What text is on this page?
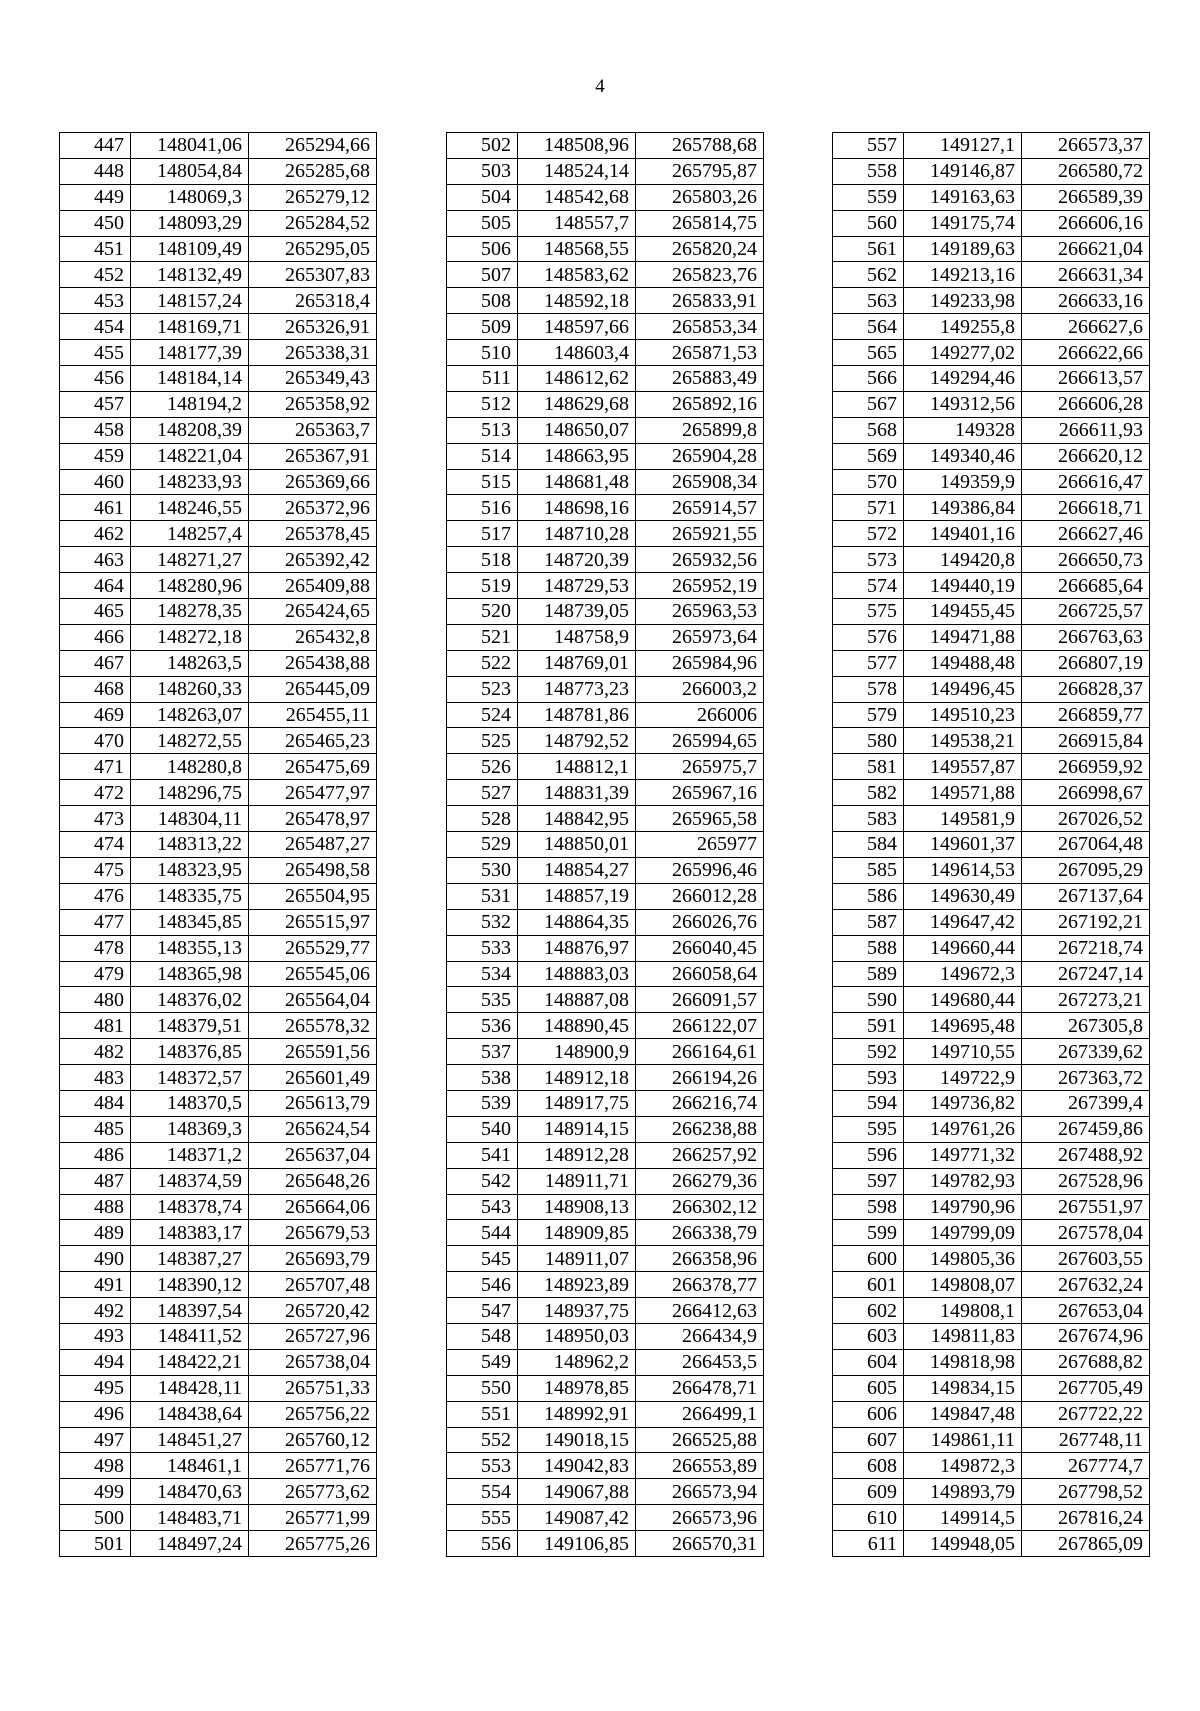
4
447	148041,06	265294,66
448	148054,84	265285,68
449	148069,3	265279,12
450	148093,29	265284,52
451	148109,49	265295,05
452	148132,49	265307,83
453	148157,24	265318,4
454	148169,71	265326,91
455	148177,39	265338,31
456	148184,14	265349,43
457	148194,2	265358,92
458	148208,39	265363,7
459	148221,04	265367,91
460	148233,93	265369,66
461	148246,55	265372,96
462	148257,4	265378,45
463	148271,27	265392,42
464	148280,96	265409,88
465	148278,35	265424,65
466	148272,18	265432,8
467	148263,5	265438,88
468	148260,33	265445,09
469	148263,07	265455,11
470	148272,55	265465,23
471	148280,8	265475,69
472	148296,75	265477,97
473	148304,11	265478,97
474	148313,22	265487,27
475	148323,95	265498,58
476	148335,75	265504,95
477	148345,85	265515,97
478	148355,13	265529,77
479	148365,98	265545,06
480	148376,02	265564,04
481	148379,51	265578,32
482	148376,85	265591,56
483	148372,57	265601,49
484	148370,5	265613,79
485	148369,3	265624,54
486	148371,2	265637,04
487	148374,59	265648,26
488	148378,74	265664,06
489	148383,17	265679,53
490	148387,27	265693,79
491	148390,12	265707,48
492	148397,54	265720,42
493	148411,52	265727,96
494	148422,21	265738,04
495	148428,11	265751,33
496	148438,64	265756,22
497	148451,27	265760,12
498	148461,1	265771,76
499	148470,63	265773,62
500	148483,71	265771,99
501	148497,24	265775,26
502	148508,96	265788,68
503	148524,14	265795,87
504	148542,68	265803,26
505	148557,7	265814,75
506	148568,55	265820,24
507	148583,62	265823,76
508	148592,18	265833,91
509	148597,66	265853,34
510	148603,4	265871,53
511	148612,62	265883,49
512	148629,68	265892,16
513	148650,07	265899,8
514	148663,95	265904,28
515	148681,48	265908,34
516	148698,16	265914,57
517	148710,28	265921,55
518	148720,39	265932,56
519	148729,53	265952,19
520	148739,05	265963,53
521	148758,9	265973,64
522	148769,01	265984,96
523	148773,23	266003,2
524	148781,86	266006
525	148792,52	265994,65
526	148812,1	265975,7
527	148831,39	265967,16
528	148842,95	265965,58
529	148850,01	265977
530	148854,27	265996,46
531	148857,19	266012,28
532	148864,35	266026,76
533	148876,97	266040,45
534	148883,03	266058,64
535	148887,08	266091,57
536	148890,45	266122,07
537	148900,9	266164,61
538	148912,18	266194,26
539	148917,75	266216,74
540	148914,15	266238,88
541	148912,28	266257,92
542	148911,71	266279,36
543	148908,13	266302,12
544	148909,85	266338,79
545	148911,07	266358,96
546	148923,89	266378,77
547	148937,75	266412,63
548	148950,03	266434,9
549	148962,2	266453,5
550	148978,85	266478,71
551	148992,91	266499,1
552	149018,15	266525,88
553	149042,83	266553,89
554	149067,88	266573,94
555	149087,42	266573,96
556	149106,85	266570,31
557	149127,1	266573,37
558	149146,87	266580,72
559	149163,63	266589,39
560	149175,74	266606,16
561	149189,63	266621,04
562	149213,16	266631,34
563	149233,98	266633,16
564	149255,8	266627,6
565	149277,02	266622,66
566	149294,46	266613,57
567	149312,56	266606,28
568	149328	266611,93
569	149340,46	266620,12
570	149359,9	266616,47
571	149386,84	266618,71
572	149401,16	266627,46
573	149420,8	266650,73
574	149440,19	266685,64
575	149455,45	266725,57
576	149471,88	266763,63
577	149488,48	266807,19
578	149496,45	266828,37
579	149510,23	266859,77
580	149538,21	266915,84
581	149557,87	266959,92
582	149571,88	266998,67
583	149581,9	267026,52
584	149601,37	267064,48
585	149614,53	267095,29
586	149630,49	267137,64
587	149647,42	267192,21
588	149660,44	267218,74
589	149672,3	267247,14
590	149680,44	267273,21
591	149695,48	267305,8
592	149710,55	267339,62
593	149722,9	267363,72
594	149736,82	267399,4
595	149761,26	267459,86
596	149771,32	267488,92
597	149782,93	267528,96
598	149790,96	267551,97
599	149799,09	267578,04
600	149805,36	267603,55
601	149808,07	267632,24
602	149808,1	267653,04
603	149811,83	267674,96
604	149818,98	267688,82
605	149834,15	267705,49
606	149847,48	267722,22
607	149861,11	267748,11
608	149872,3	267774,7
609	149893,79	267798,52
610	149914,5	267816,24
611	149948,05	267865,09
